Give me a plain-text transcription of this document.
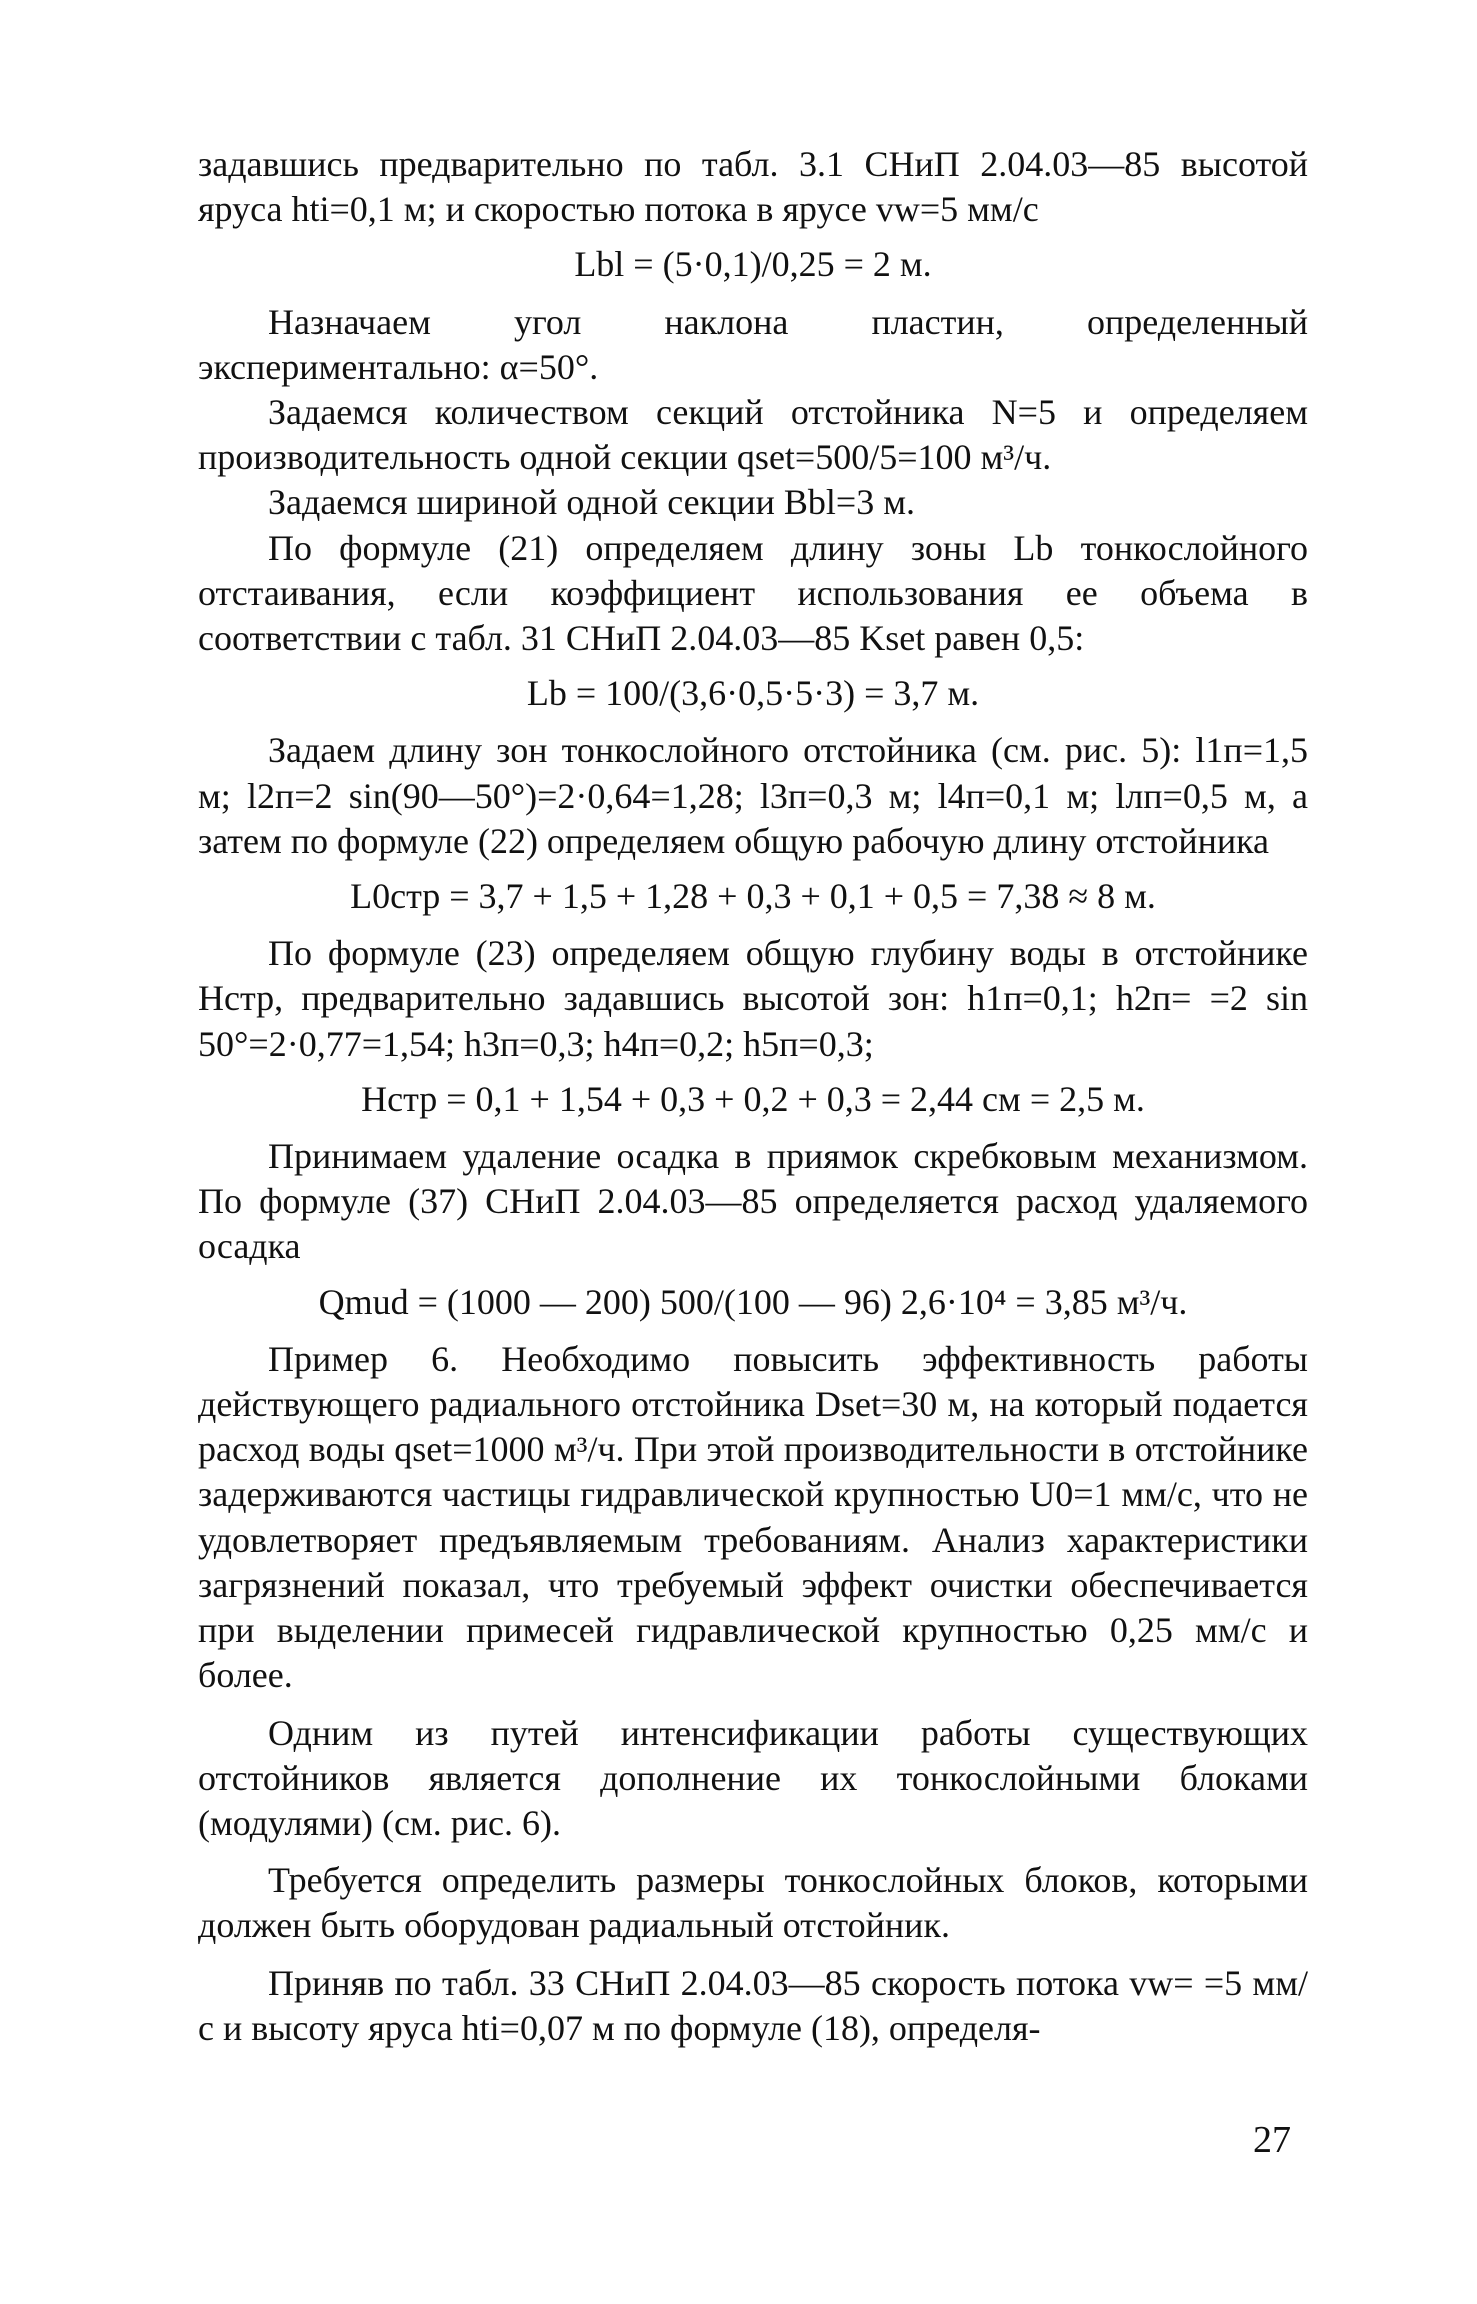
задавшись предварительно по табл. 3.1 СНиП 2.04.03—85 высотой яруса hti=0,1 м; и скоростью потока в ярусе vw=5 мм/с

Lbl = (5·0,1)/0,25 = 2 м.

Назначаем угол наклона пластин, определенный экспериментально: α=50°.

Задаемся количеством секций отстойника N=5 и определяем производительность одной секции qset=500/5=100 м³/ч.

Задаемся шириной одной секции Bbl=3 м.

По формуле (21) определяем длину зоны Lb тонкослойного отстаивания, если коэффициент использования ее объема в соответствии с табл. 31 СНиП 2.04.03—85 Kset равен 0,5:

Lb = 100/(3,6·0,5·5·3) = 3,7 м.

Задаем длину зон тонкослойного отстойника (см. рис. 5): l1п=1,5 м; l2п=2 sin(90—50°)=2·0,64=1,28; l3п=0,3 м; l4п=0,1 м; lлп=0,5 м, а затем по формуле (22) определяем общую рабочую длину отстойника

L0стр = 3,7 + 1,5 + 1,28 + 0,3 + 0,1 + 0,5 = 7,38 ≈ 8 м.

По формуле (23) определяем общую глубину воды в отстойнике Hстр, предварительно задавшись высотой зон: h1п=0,1; h2п= =2 sin 50°=2·0,77=1,54; h3п=0,3; h4п=0,2; h5п=0,3;

Hстр = 0,1 + 1,54 + 0,3 + 0,2 + 0,3 = 2,44 см = 2,5 м.

Принимаем удаление осадка в приямок скребковым механизмом. По формуле (37) СНиП 2.04.03—85 определяется расход удаляемого осадка

Qmud = (1000 — 200) 500/(100 — 96) 2,6·10⁴ = 3,85 м³/ч.

Пример 6. Необходимо повысить эффективность работы действующего радиального отстойника Dset=30 м, на который подается расход воды qset=1000 м³/ч. При этой производительности в отстойнике задерживаются частицы гидравлической крупностью U0=1 мм/с, что не удовлетворяет предъявляемым требованиям. Анализ характеристики загрязнений показал, что требуемый эффект очистки обеспечивается при выделении примесей гидравлической крупностью 0,25 мм/с и более.

Одним из путей интенсификации работы существующих отстойников является дополнение их тонкослойными блоками (модулями) (см. рис. 6).

Требуется определить размеры тонкослойных блоков, которыми должен быть оборудован радиальный отстойник.

Приняв по табл. 33 СНиП 2.04.03—85 скорость потока vw= =5 мм/с и высоту яруса hti=0,07 м по формуле (18), определя-

27
